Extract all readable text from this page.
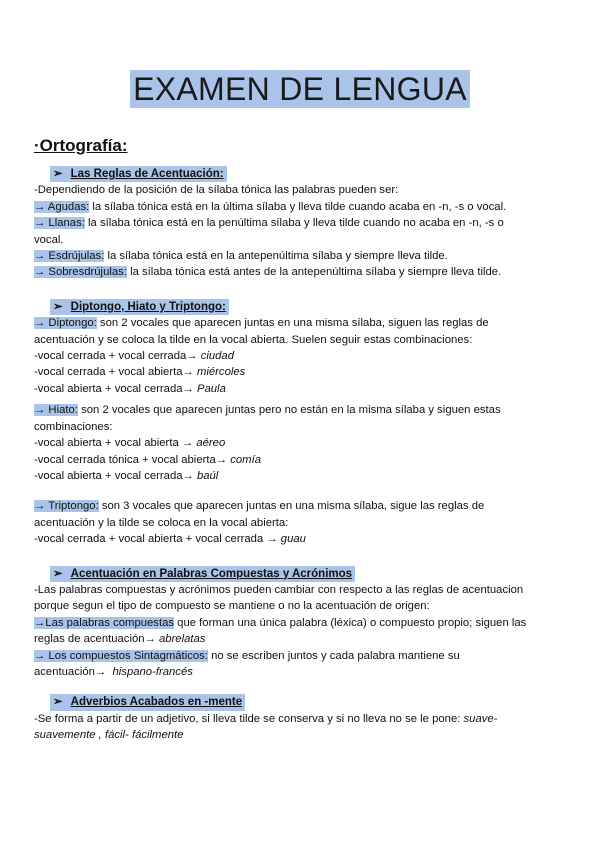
EXAMEN DE LENGUA
·Ortografía:
➢ Las Reglas de Acentuación:
-Dependiendo de la posición de la sílaba tónica las palabras pueden ser:
→ Agudas: la sílaba tónica está en la última sílaba y lleva tilde cuando acaba en -n, -s o vocal.
→ Llanas: la sílaba tónica está en la penúltima sílaba y lleva tilde cuando no acaba en -n, -s o
vocal.
→ Esdrújulas: la sílaba tónica está en la antepenúltima sílaba y siempre lleva tilde.
→ Sobresdrújulas: la sílaba tónica está antes de la antepenúltima sílaba y siempre lleva tilde.
➢ Diptongo, Hiato y Triptongo:
→ Diptongo: son 2 vocales que aparecen juntas en una misma sílaba, siguen las reglas de
acentuación y se coloca la tilde en la vocal abierta. Suelen seguir estas combinaciones:
-vocal cerrada + vocal cerrada→ ciudad
-vocal cerrada + vocal abierta→ miércoles
-vocal abierta + vocal cerrada→ Paula
→ Hiato: son 2 vocales que aparecen juntas pero no están en la misma sílaba y siguen estas
combinaciones:
-vocal abierta + vocal abierta → aéreo
-vocal cerrada tónica + vocal abierta→ comía
-vocal abierta + vocal cerrada→ baúl
→ Triptongo: son 3 vocales que aparecen juntas en una misma sílaba, sigue las reglas de
acentuación y la tilde se coloca en la vocal abierta:
-vocal cerrada + vocal abierta + vocal cerrada → guau
➢ Acentuación en Palabras Compuestas y Acrónimos
-Las palabras compuestas y acrónimos pueden cambiar con respecto a las reglas de acentuacion
porque segun el tipo de compuesto se mantiene o no la acentuación de origen:
→Las palabras compuestas que forman una única palabra (léxica) o compuesto propio; siguen las
reglas de acentuación→ abrelatas
→ Los compuestos Sintagmáticos: no se escriben juntos y cada palabra mantiene su
acentuación→  hispano-francés
➢ Adverbios Acabados en -mente
-Se forma a partir de un adjetivo, si lleva tilde se conserva y si no lleva no se le pone: suave-
suavemente , fácil- fácilmente
